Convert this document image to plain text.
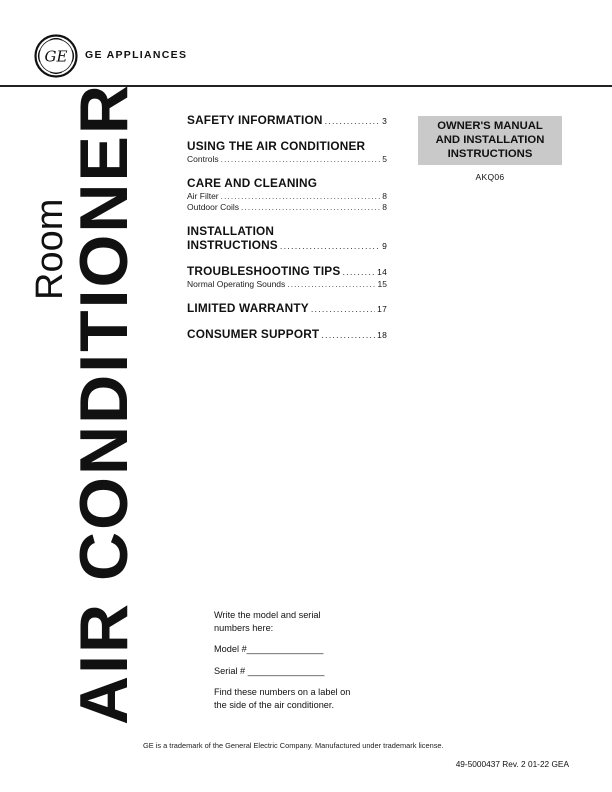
GE GE APPLIANCES
Room
AIR CONDITIONER	SAFETY INFORMATION .....	3
USING THE AIR CONDITIONER
Controls .....	5
CARE AND CLEANING
Air Filter .....	8
Outdoor Coils .....	8
INSTALLATION
INSTRUCTIONS .....	9
TROUBLESHOOTING TIPS .....	14
Normal Operating Sounds .....	15
LIMITED WARRANTY .....	17
CONSUMER SUPPORT .....	18
OWNER'S MANUAL
AND INSTALLATION
INSTRUCTIONS
AKQ06

Write the model and serial
numbers here:

Model #_______________

Serial # _______________

Find these numbers on a label on
the side of the air conditioner.

GE is a trademark of the General Electric Company. Manufactured under trademark license.
49-5000437 Rev. 2 01-22 GEA
